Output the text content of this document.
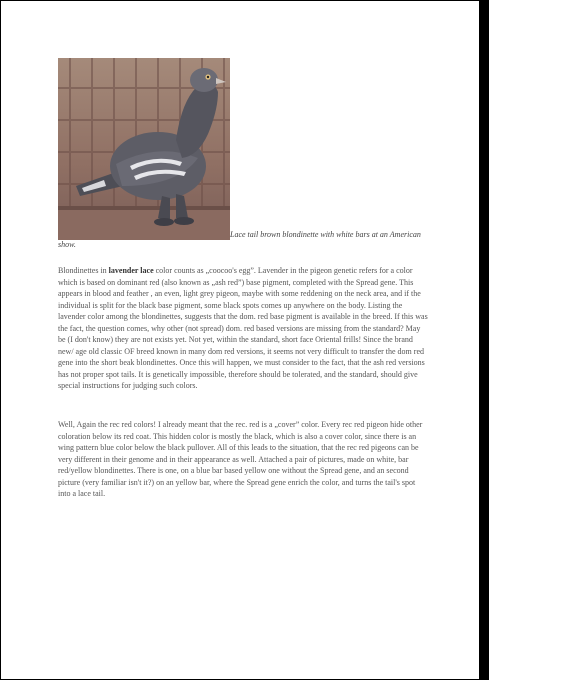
Lace tail brown blondinette with white bars at an American show.

Blondinettes in lavender lace color counts as „coocoo's egg”. Lavender in the pigeon genetic refers for a color which is based on dominant red (also known as „ash red”) base pigment, completed with the Spread gene. This appears in blood and feather , an even, light grey pigeon, maybe with some reddening on the neck area, and if the individual is split for the black base pigment, some black spots comes up anywhere on the body. Listing the lavender color among the blondinettes, suggests that the dom. red base pigment is available in the breed. If this was the fact, the question comes, why other (not spread) dom. red based versions are missing from the standard? May be (I don't know) they are not exists yet. Not yet, within the standard, short face Oriental frills! Since the brand new/ age old classic OF breed known in many dom red versions, it seems not very difficult to transfer the dom red gene into the short beak blondinettes. Once this will happen, we must consider to the fact, that the ash red versions has not proper spot tails. It is genetically impossible, therefore should be tolerated, and the standard, should give special instructions for judging such colors.

Well, Again the rec red colors! I already meant that the rec. red is a „cover” color. Every rec red pigeon hide other coloration below its red coat. This hidden color is mostly the black, which is also a cover color, since there is an wing pattern blue color below the black pullover. All of this leads to the situation, that the rec red pigeons can be very different in their genome and in their appearance as well. Attached a pair of pictures, made on white, bar red/yellow blondinettes. There is one, on a blue bar based yellow one without the Spread gene, and an second picture (very familiar isn't it?) on an yellow bar, where the Spread gene enrich the color, and turns the tail's spot into a lace tail.
